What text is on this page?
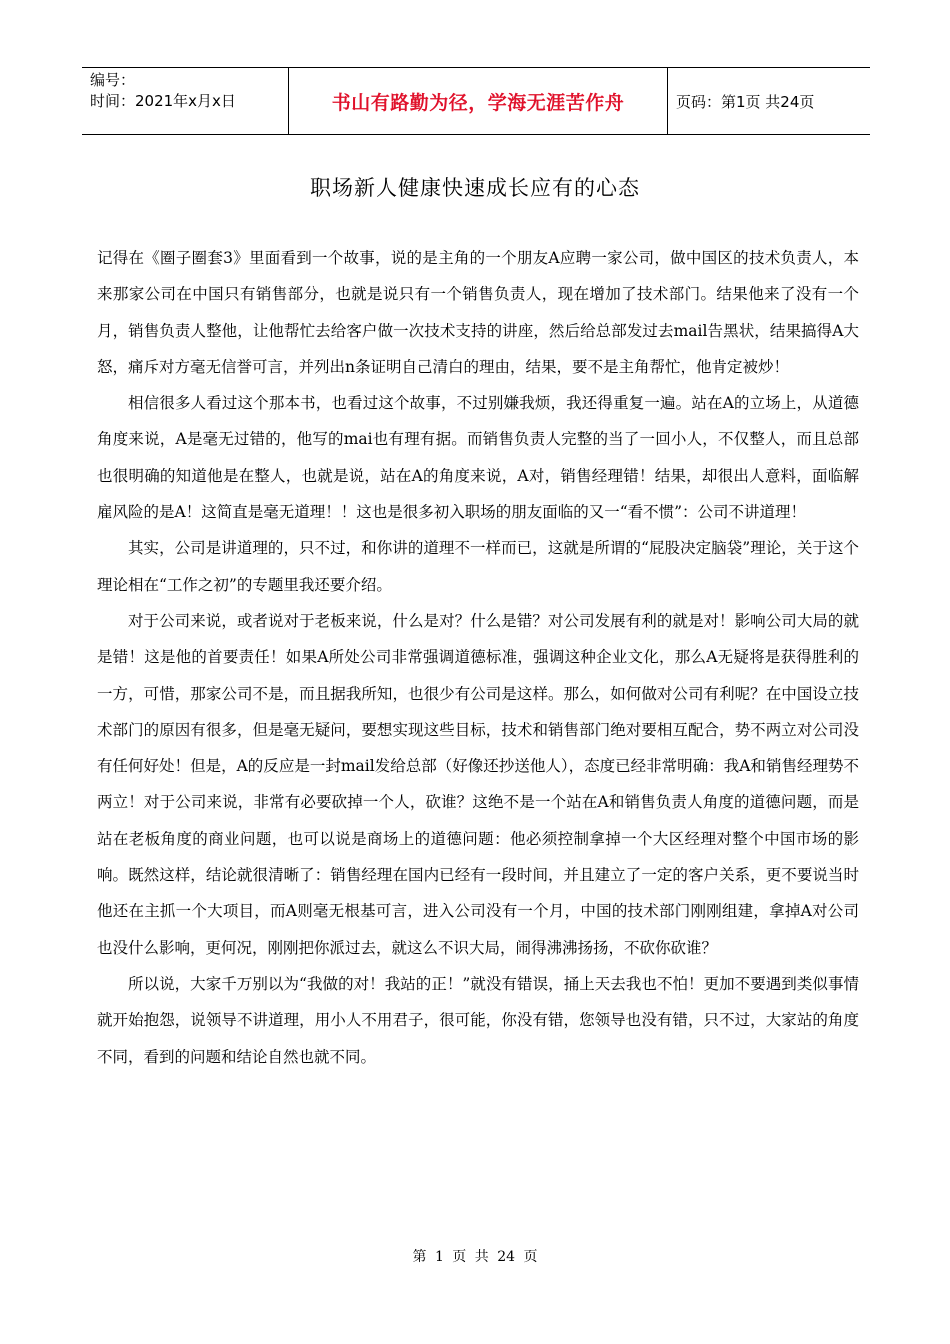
编号：
时间：2021年x月x日	书山有路勤为径，学海无涯苦作舟	页码：第1页 共24页
职场新人健康快速成长应有的心态

记得在《圈子圈套3》里面看到一个故事，说的是主角的一个朋友A应聘一家公司，做中国区的技术负责人，本来那家公司在中国只有销售部分，也就是说只有一个销售负责人，现在增加了技术部门。结果他来了没有一个月，销售负责人整他，让他帮忙去给客户做一次技术支持的讲座，然后给总部发过去mail告黑状，结果搞得A大怒，痛斥对方毫无信誉可言，并列出n条证明自己清白的理由，结果，要不是主角帮忙，他肯定被炒！

相信很多人看过这个那本书，也看过这个故事，不过别嫌我烦，我还得重复一遍。站在A的立场上，从道德角度来说，A是毫无过错的，他写的mai也有理有据。而销售负责人完整的当了一回小人，不仅整人，而且总部也很明确的知道他是在整人，也就是说，站在A的角度来说，A对，销售经理错！结果，却很出人意料，面临解雇风险的是A！这简直是毫无道理！！这也是很多初入职场的朋友面临的又一“看不惯”：公司不讲道理！

其实，公司是讲道理的，只不过，和你讲的道理不一样而已，这就是所谓的“屁股决定脑袋”理论，关于这个理论相在“工作之初”的专题里我还要介绍。

对于公司来说，或者说对于老板来说，什么是对？什么是错？对公司发展有利的就是对！影响公司大局的就是错！这是他的首要责任！如果A所处公司非常强调道德标准，强调这种企业文化，那么A无疑将是获得胜利的一方，可惜，那家公司不是，而且据我所知，也很少有公司是这样。那么，如何做对公司有利呢？在中国设立技术部门的原因有很多，但是毫无疑问，要想实现这些目标，技术和销售部门绝对要相互配合，势不两立对公司没有任何好处！但是，A的反应是一封mail发给总部（好像还抄送他人），态度已经非常明确：我A和销售经理势不两立！对于公司来说，非常有必要砍掉一个人，砍谁？这绝不是一个站在A和销售负责人角度的道德问题，而是站在老板角度的商业问题，也可以说是商场上的道德问题：他必须控制拿掉一个大区经理对整个中国市场的影响。既然这样，结论就很清晰了：销售经理在国内已经有一段时间，并且建立了一定的客户关系，更不要说当时他还在主抓一个大项目，而A则毫无根基可言，进入公司没有一个月，中国的技术部门刚刚组建，拿掉A对公司也没什么影响，更何况，刚刚把你派过去，就这么不识大局，闹得沸沸扬扬，不砍你砍谁？

所以说，大家千万别以为“我做的对！我站的正！”就没有错误，捅上天去我也不怕！更加不要遇到类似事情就开始抱怨，说领导不讲道理，用小人不用君子，很可能，你没有错，您领导也没有错，只不过，大家站的角度不同，看到的问题和结论自然也就不同。

第 1 页 共 24 页
